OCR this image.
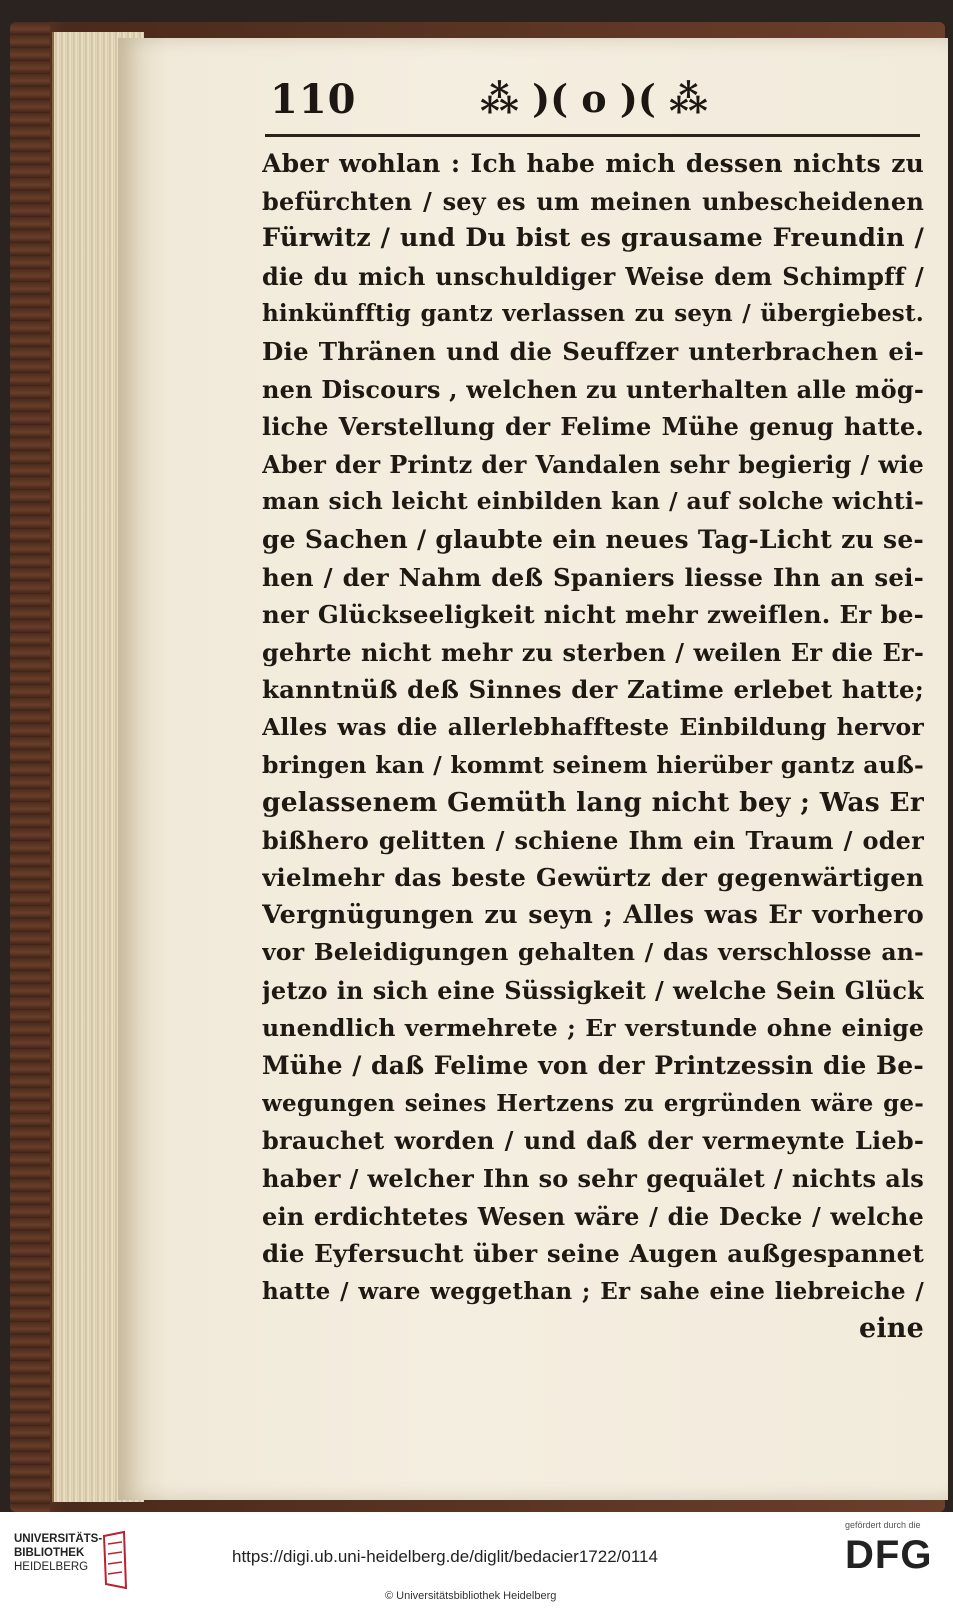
110	⁂ )( o )( ⁂
Aber wohlan : Ich habe mich dessen nichts zu
befürchten / sey es um meinen unbescheidenen
Fürwitz / und Du bist es grausame Freundin /
die du mich unschuldiger Weise dem Schimpff /
hinkünfftig gantz verlassen zu seyn / übergiebest.
Die Thränen und die Seuffzer unterbrachen ei-
nen Discours , welchen zu unterhalten alle mög-
liche Verstellung der Felime Mühe genug hatte.
Aber der Printz der Vandalen sehr begierig / wie
man sich leicht einbilden kan / auf solche wichti-
ge Sachen / glaubte ein neues Tag-Licht zu se-
hen / der Nahm deß Spaniers liesse Ihn an sei-
ner Glückseeligkeit nicht mehr zweiflen. Er be-
gehrte nicht mehr zu sterben / weilen Er die Er-
kanntnüß deß Sinnes der Zatime erlebet hatte;
Alles was die allerlebhaffteste Einbildung hervor
bringen kan / kommt seinem hierüber gantz auß-
gelassenem Gemüth lang nicht bey ; Was Er
bißhero gelitten / schiene Ihm ein Traum / oder
vielmehr das beste Gewürtz der gegenwärtigen
Vergnügungen zu seyn ; Alles was Er vorhero
vor Beleidigungen gehalten / das verschlosse an-
jetzo in sich eine Süssigkeit / welche Sein Glück
unendlich vermehrete ; Er verstunde ohne einige
Mühe / daß Felime von der Printzessin die Be-
wegungen seines Hertzens zu ergründen wäre ge-
brauchet worden / und daß der vermeynte Lieb-
haber / welcher Ihn so sehr gequälet / nichts als
ein erdichtetes Wesen wäre / die Decke / welche
die Eyfersucht über seine Augen außgespannet
hatte / ware weggethan ; Er sahe eine liebreiche /
eine
UNIVERSITÄTS-
BIBLIOTHEK
HEIDELBERG
https://digi.ub.uni-heidelberg.de/diglit/bedacier1722/0114
© Universitätsbibliothek Heidelberg
gefördert durch die
DFG
